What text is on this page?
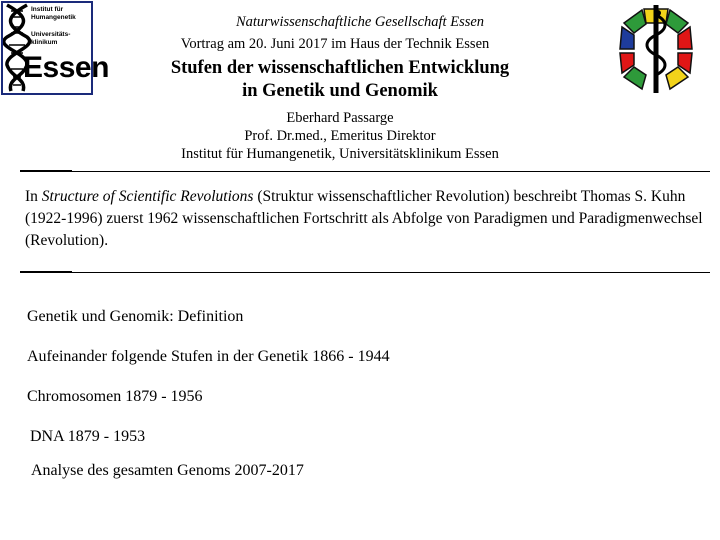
Institut für
Humangenetik
Universitäts-
klinikum
Essen
Naturwissenschaftliche Gesellschaft Essen
Vortrag am 20. Juni 2017 im Haus der Technik Essen
Stufen der wissenschaftlichen Entwicklung
in Genetik und Genomik
Eberhard Passarge
Prof. Dr.med., Emeritus Direktor
Institut für Humangenetik, Universitätsklinikum Essen
In Structure of Scientific Revolutions (Struktur wissenschaftlicher Revolution) beschreibt Thomas S. Kuhn (1922-1996) zuerst 1962 wissenschaftlichen Fortschritt als Abfolge von Paradigmen und Paradigmenwechsel (Revolution).
Genetik und Genomik: Definition
Aufeinander folgende Stufen in der Genetik 1866 - 1944
Chromosomen 1879 - 1956
DNA 1879 - 1953
Analyse des gesamten Genoms 2007-2017
